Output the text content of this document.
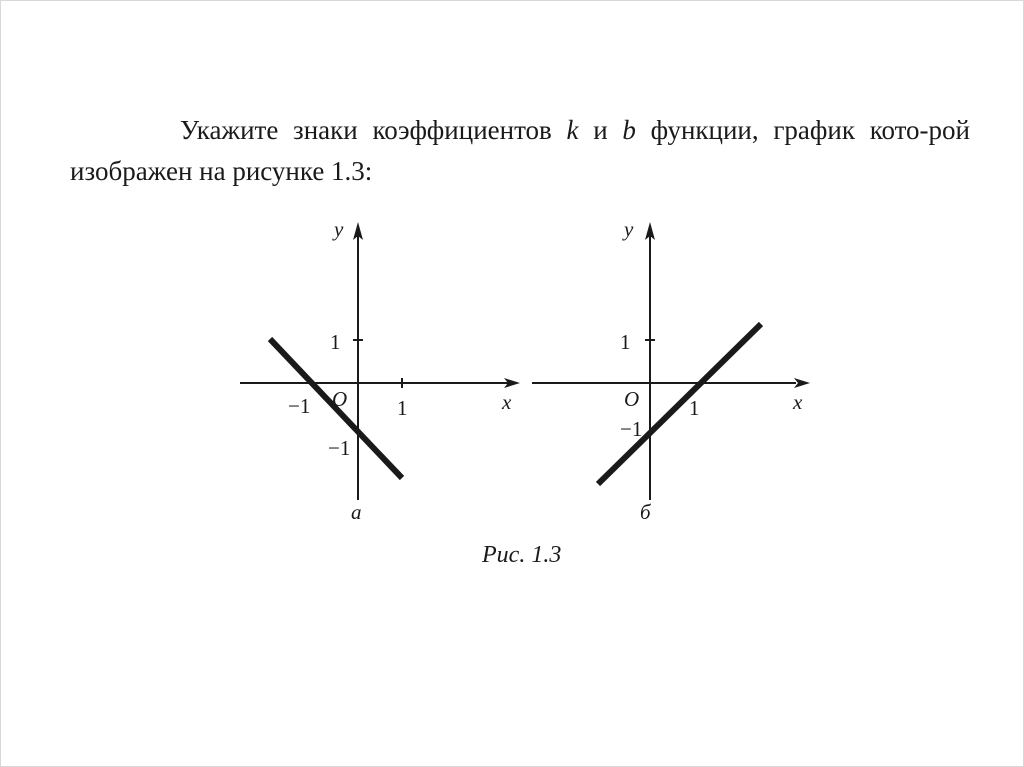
Укажите знаки коэффициентов k и b функции, график кото-рой изображен на рисунке 1.3:
y
x
O
1
−1
1
−1
а
y
x
O
1
−1
1
б
Рис. 1.3
